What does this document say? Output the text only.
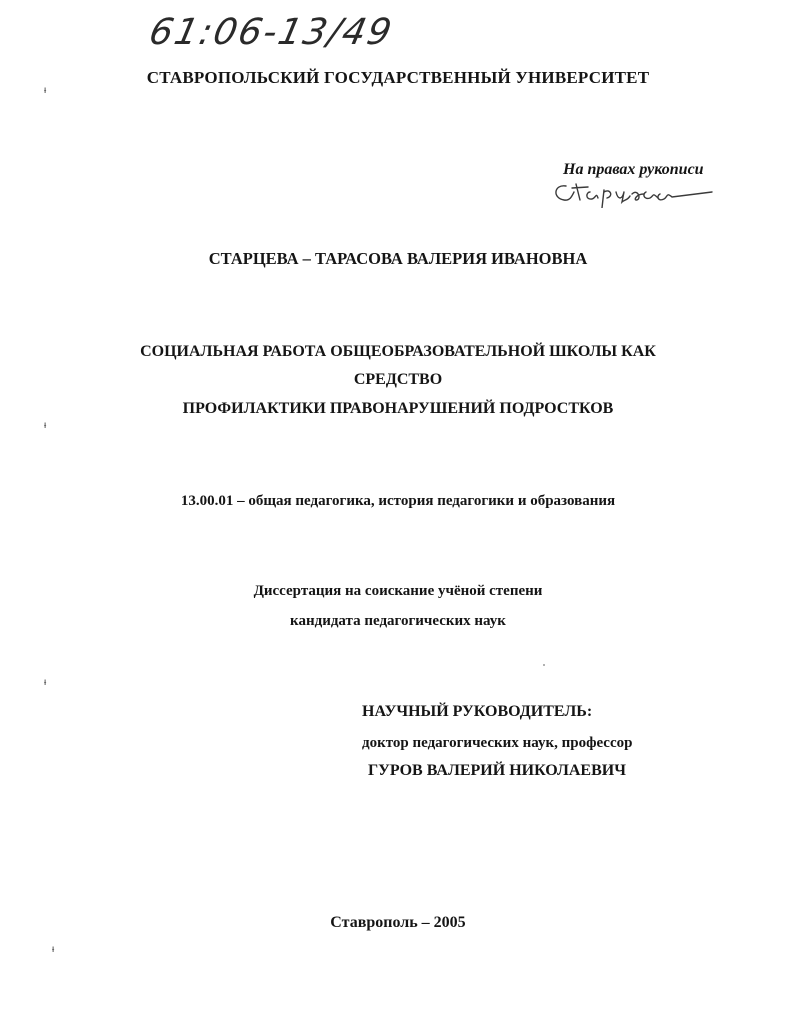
61:06-13/49
СТАВРОПОЛЬСКИЙ ГОСУДАРСТВЕННЫЙ УНИВЕРСИТЕТ
На правах рукописи
СТАРЦЕВА – ТАРАСОВА ВАЛЕРИЯ ИВАНОВНА
СОЦИАЛЬНАЯ РАБОТА ОБЩЕОБРАЗОВАТЕЛЬНОЙ ШКОЛЫ КАК
СРЕДСТВО
ПРОФИЛАКТИКИ ПРАВОНАРУШЕНИЙ ПОДРОСТКОВ
13.00.01 – общая педагогика, история педагогики и образования
Диссертация на соискание учёной степени
кандидата педагогических наук
НАУЧНЫЙ РУКОВОДИТЕЛЬ:
доктор педагогических наук, профессор
ГУРОВ ВАЛЕРИЙ НИКОЛАЕВИЧ
Ставрополь – 2005
ᵼ
ᵼ
ᵼ
ᵼ
